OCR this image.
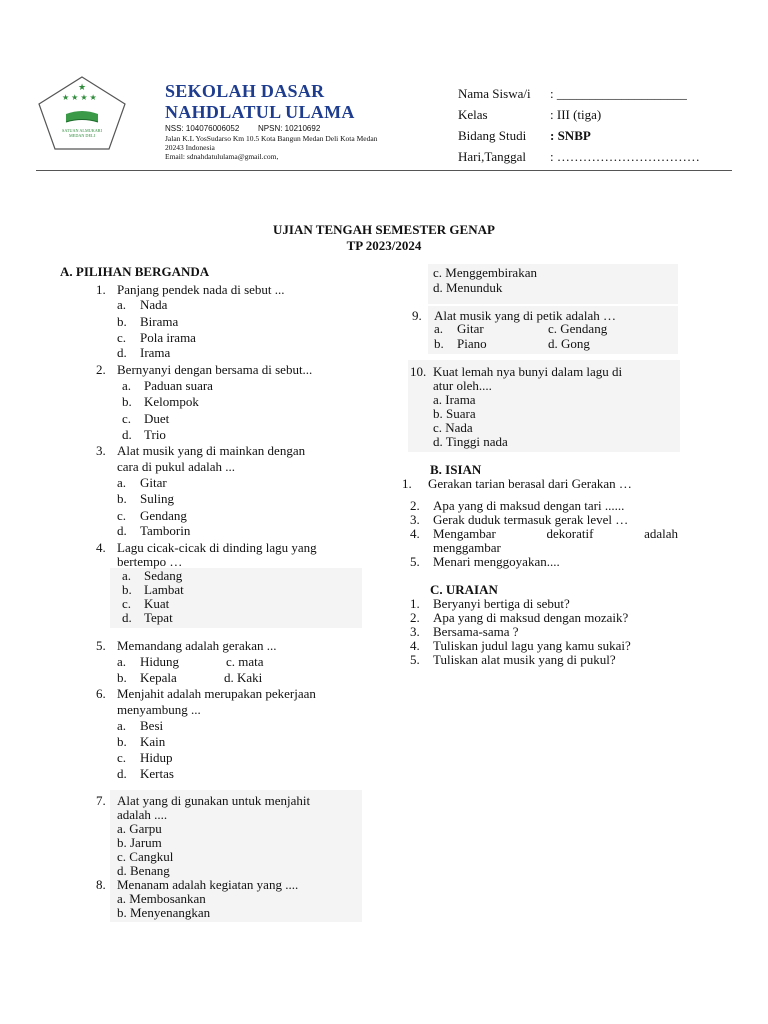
★ ★ ★ ★
★
SATUAN ALMUKARI
MEDAN DELI
SEKOLAH DASAR
NAHDLATUL ULAMA
NSS: 104076006052 NPSN: 10210692
Jalan K.L YosSudarso Km 10.5 Kota Bangun Medan Deli Kota Medan
20243 Indonesia
Email: sdnahdatululama@gmail.com,
Nama Siswa/i : ____________________
Kelas	: III (tiga)
Bidang Studi : SNBP
Hari,Tanggal : ……………………………
UJIAN TENGAH SEMESTER GENAP
TP 2023/2024
A. PILIHAN BERGANDA
1. Panjang pendek nada di sebut ...
a. Nada
b. Birama
c. Pola irama
d. Irama
2. Bernyanyi dengan bersama di sebut...
a. Paduan suara
b. Kelompok
c. Duet
d. Trio
3. Alat musik yang di mainkan dengan
cara di pukul adalah ...
a. Gitar
b. Suling
c. Gendang
d. Tamborin
4. Lagu cicak-cicak di dinding lagu yang
bertempo …
a. Sedang
b. Lambat
c. Kuat
d. Tepat
5. Memandang adalah gerakan ...
a. Hidung	c. mata
b. Kepala	d. Kaki
6. Menjahit adalah merupakan pekerjaan
menyambung ...
a. Besi
b. Kain
c. Hidup
d. Kertas
7. Alat yang di gunakan untuk menjahit
adalah ....
a. Garpu
b. Jarum
c. Cangkul
d. Benang
8. Menanam adalah kegiatan yang ....
a. Membosankan
b. Menyenangkan
c. Menggembirakan
d. Menunduk
9. Alat musik yang di petik adalah …
a. Gitar	c. Gendang
b. Piano	d. Gong
10. Kuat lemah nya bunyi dalam lagu di
atur oleh....
a. Irama
b. Suara
c. Nada
d. Tinggi nada
B. ISIAN
1. Gerakan tarian berasal dari Gerakan …
2. Apa yang di maksud dengan tari ......
3. Gerak duduk termasuk gerak level …
4. Mengambar	dekoratif	adalah
menggambar
5. Menari menggoyakan....
C. URAIAN
1. Beryanyi bertiga di sebut?
2. Apa yang di maksud dengan mozaik?
3. Bersama-sama ?
4. Tuliskan judul lagu yang kamu sukai?
5. Tuliskan alat musik yang di pukul?
